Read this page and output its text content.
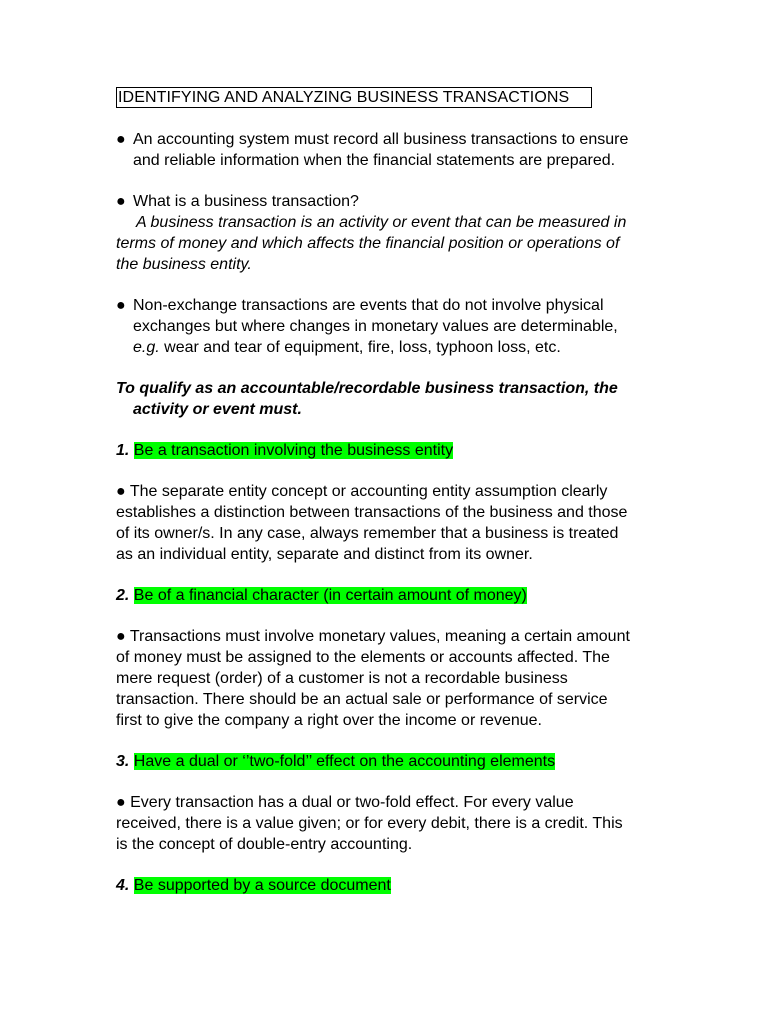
IDENTIFYING AND ANALYZING BUSINESS TRANSACTIONS
● An accounting system must record all business transactions to ensure

and reliable information when the financial statements are prepared.

● What is a business transaction?

A business transaction is an activity or event that can be measured in

terms of money and which affects the financial position or operations of

the business entity.

● Non-exchange transactions are events that do not involve physical

exchanges but where changes in monetary values are determinable,

e.g. wear and tear of equipment, fire, loss, typhoon loss, etc.

To qualify as an accountable/recordable business transaction, the

activity or event must.

1. Be a transaction involving the business entity

● The separate entity concept or accounting entity assumption clearly

establishes a distinction between transactions of the business and those

of its owner/s. In any case, always remember that a business is treated

as an individual entity, separate and distinct from its owner.

2. Be of a financial character (in certain amount of money)

● Transactions must involve monetary values, meaning a certain amount

of money must be assigned to the elements or accounts affected. The

mere request (order) of a customer is not a recordable business

transaction. There should be an actual sale or performance of service

first to give the company a right over the income or revenue.

3. Have a dual or ‘’two-fold’’ effect on the accounting elements

● Every transaction has a dual or two-fold effect. For every value

received, there is a value given; or for every debit, there is a credit. This

is the concept of double-entry accounting.

4. Be supported by a source document
